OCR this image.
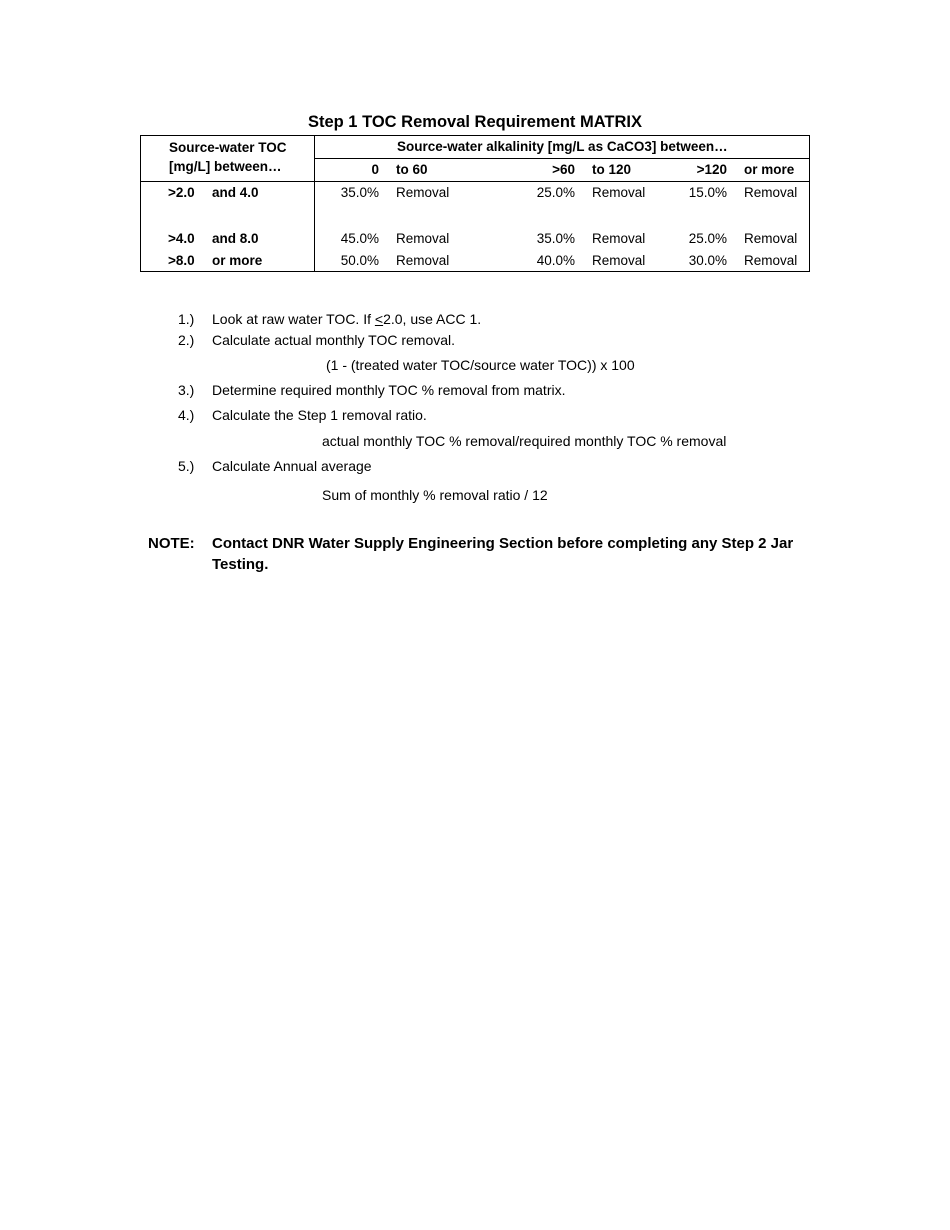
Step 1 TOC Removal Requirement MATRIX
Source-water TOC
[mg/L] between…
Source-water alkalinity [mg/L as CaCO3] between…
0 to 60	>60 to 120	>120 or more
>2.0 and 4.0	35.0% Removal	25.0% Removal	15.0% Removal
>4.0 and 8.0	45.0% Removal	35.0% Removal	25.0% Removal
>8.0 or more	50.0% Removal	40.0% Removal	30.0% Removal
1.) Look at raw water TOC. If <2.0, use ACC 1.
2.) Calculate actual monthly TOC removal.
(1 - (treated water TOC/source water TOC)) x 100
3.) Determine required monthly TOC % removal from matrix.
4.) Calculate the Step 1 removal ratio.
actual monthly TOC % removal/required monthly TOC % removal
5.) Calculate Annual average
Sum of monthly % removal ratio / 12
NOTE: Contact DNR Water Supply Engineering Section before completing any Step 2 Jar
Testing.
